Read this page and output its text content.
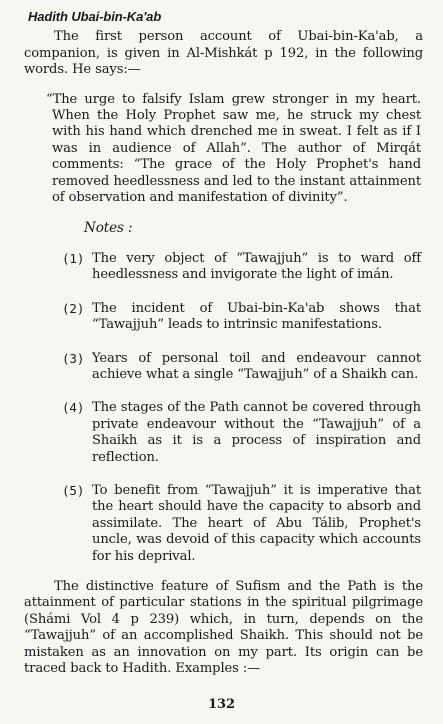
Hadith Ubai-bin-Ka'ab

The first person account of Ubai-bin-Ka'ab, a companion, is given in Al-Mishkát p 192, in the following words. He says:—

“The urge to falsify Islam grew stronger in my heart. When the Holy Prophet saw me, he struck my chest with his hand which drenched me in sweat. I felt as if I was in audience of Allah”. The author of Mirqát comments: “The grace of the Holy Prophet's hand removed heedlessness and led to the instant attainment of observation and manifestation of divinity”.

Notes :
(1) The very object of “Tawajjuh” is to ward off heedlessness and invigorate the light of imán.
(2) The incident of Ubai-bin-Ka'ab shows that “Tawajjuh” leads to intrinsic manifestations.
(3) Years of personal toil and endeavour cannot achieve what a single “Tawajjuh” of a Shaikh can.
(4) The stages of the Path cannot be covered through private endeavour without the “Tawajjuh” of a Shaikh as it is a process of inspiration and reflection.
(5) To benefit from “Tawajjuh” it is imperative that the heart should have the capacity to absorb and assimilate. The heart of Abu Tálib, Prophet's uncle, was devoid of this capacity which accounts for his deprival.

The distinctive feature of Sufism and the Path is the attainment of particular stations in the spiritual pilgrimage (Shámi Vol 4 p 239) which, in turn, depends on the “Tawajjuh” of an accomplished Shaikh. This should not be mistaken as an innovation on my part. Its origin can be traced back to Hadith. Examples :—

132
